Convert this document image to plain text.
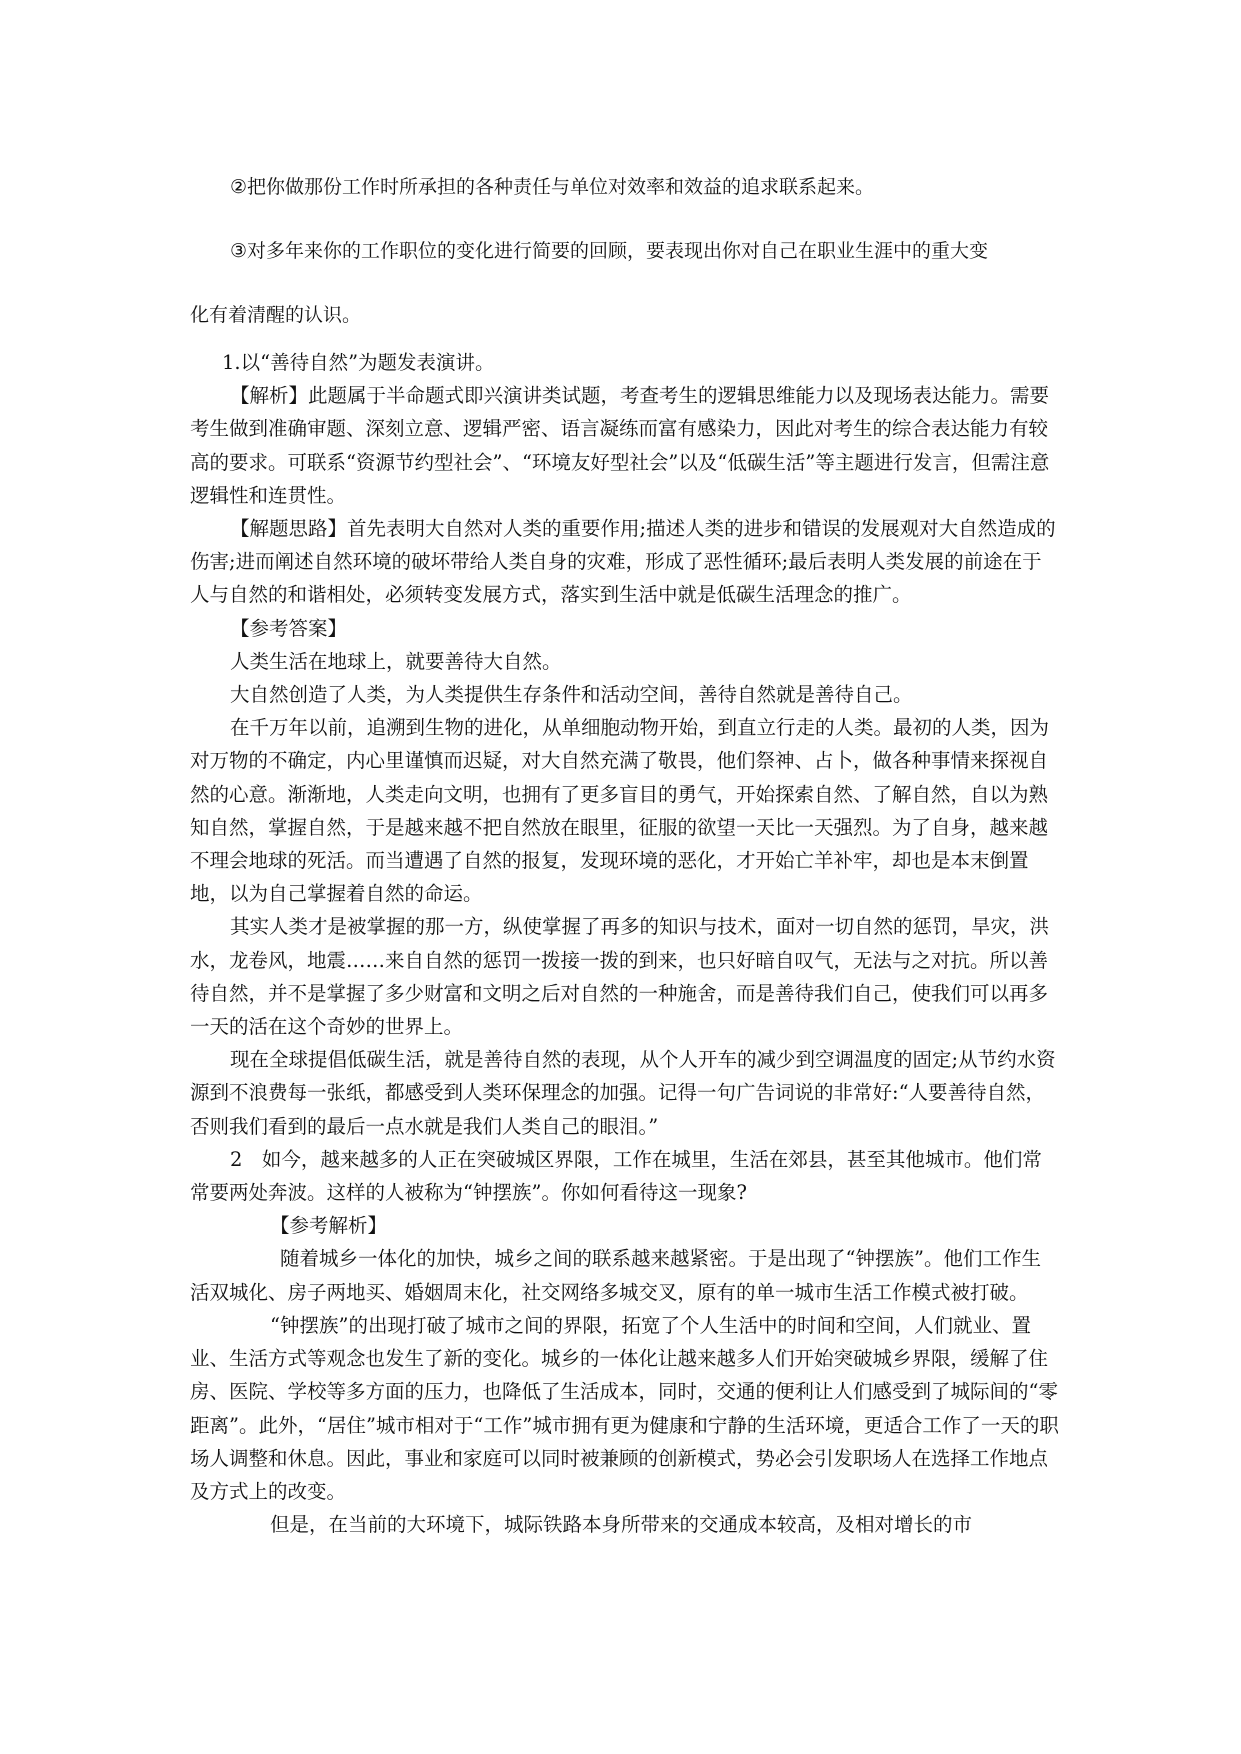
②把你做那份工作时所承担的各种责任与单位对效率和效益的追求联系起来。

③对多年来你的工作职位的变化进行简要的回顾，要表现出你对自己在职业生涯中的重大变

化有着清醒的认识。

1.以“善待自然”为题发表演讲。

【解析】此题属于半命题式即兴演讲类试题，考查考生的逻辑思维能力以及现场表达能力。需要考生做到准确审题、深刻立意、逻辑严密、语言凝练而富有感染力，因此对考生的综合表达能力有较高的要求。可联系“资源节约型社会”、“环境友好型社会”以及“低碳生活”等主题进行发言，但需注意逻辑性和连贯性。

【解题思路】首先表明大自然对人类的重要作用;描述人类的进步和错误的发展观对大自然造成的伤害;进而阐述自然环境的破坏带给人类自身的灾难，形成了恶性循环;最后表明人类发展的前途在于人与自然的和谐相处，必须转变发展方式，落实到生活中就是低碳生活理念的推广。

【参考答案】

人类生活在地球上，就要善待大自然。

大自然创造了人类，为人类提供生存条件和活动空间，善待自然就是善待自己。

在千万年以前，追溯到生物的进化，从单细胞动物开始，到直立行走的人类。最初的人类，因为对万物的不确定，内心里谨慎而迟疑，对大自然充满了敬畏，他们祭神、占卜，做各种事情来探视自然的心意。渐渐地，人类走向文明，也拥有了更多盲目的勇气，开始探索自然、了解自然，自以为熟知自然，掌握自然，于是越来越不把自然放在眼里，征服的欲望一天比一天强烈。为了自身，越来越不理会地球的死活。而当遭遇了自然的报复，发现环境的恶化，才开始亡羊补牢，却也是本末倒置地，以为自己掌握着自然的命运。

其实人类才是被掌握的那一方，纵使掌握了再多的知识与技术，面对一切自然的惩罚，旱灾，洪水，龙卷风，地震……来自自然的惩罚一拨接一拨的到来，也只好暗自叹气，无法与之对抗。所以善待自然，并不是掌握了多少财富和文明之后对自然的一种施舍，而是善待我们自己，使我们可以再多一天的活在这个奇妙的世界上。

现在全球提倡低碳生活，就是善待自然的表现，从个人开车的减少到空调温度的固定;从节约水资源到不浪费每一张纸，都感受到人类环保理念的加强。记得一句广告词说的非常好:“人要善待自然，否则我们看到的最后一点水就是我们人类自己的眼泪。”

2　如今，越来越多的人正在突破城区界限，工作在城里，生活在郊县，甚至其他城市。他们常常要两处奔波。这样的人被称为“钟摆族”。你如何看待这一现象?

【参考解析】

随着城乡一体化的加快，城乡之间的联系越来越紧密。于是出现了“钟摆族”。他们工作生活双城化、房子两地买、婚姻周末化，社交网络多城交叉，原有的单一城市生活工作模式被打破。

“钟摆族”的出现打破了城市之间的界限，拓宽了个人生活中的时间和空间，人们就业、置业、生活方式等观念也发生了新的变化。城乡的一体化让越来越多人们开始突破城乡界限，缓解了住房、医院、学校等多方面的压力，也降低了生活成本，同时，交通的便利让人们感受到了城际间的“零距离”。此外，“居住”城市相对于“工作”城市拥有更为健康和宁静的生活环境，更适合工作了一天的职场人调整和休息。因此，事业和家庭可以同时被兼顾的创新模式，势必会引发职场人在选择工作地点及方式上的改变。

但是，在当前的大环境下，城际铁路本身所带来的交通成本较高，及相对增长的市
